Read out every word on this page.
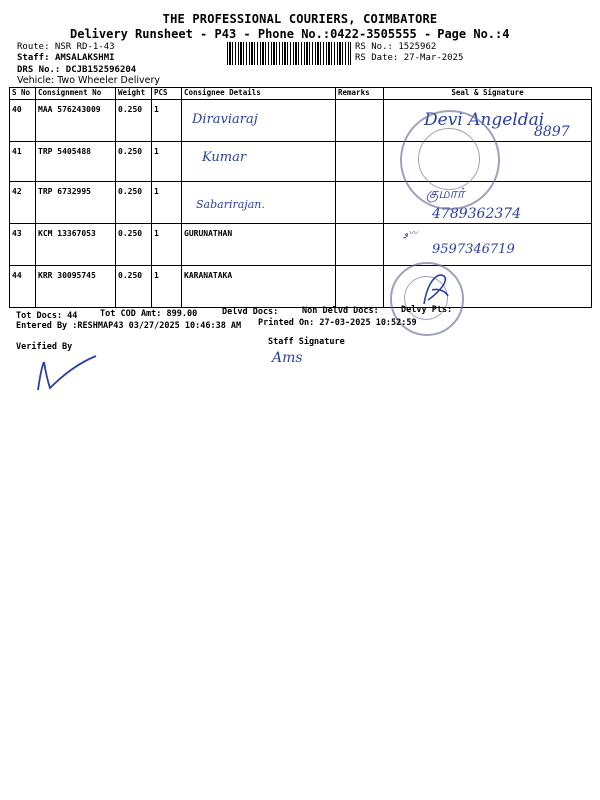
THE PROFESSIONAL COURIERS, COIMBATORE
Delivery Runsheet - P43 - Phone No.:0422-3505555 - Page No.:4
Route: NSR RD-1-43
Staff: AMSALAKSHMI
DRS No.: DCJB152596204
Vehicle: Two Wheeler Delivery
RS No.: 1525962
RS Date: 27-Mar-2025
S No	Consignment No	Weight	PCS	Consignee Details	Remarks	Seal & Signature
40	MAA 576243009	0.250	1	Diraviaraj		Devi Angeldai
8897

41	TRP 5405488	0.250	1	Kumar		

42	TRP 6732995	0.250	1	Sabarirajan.		குமார்
4789362374

43	KCM 13367053	0.250	1	GURUNATHAN		ﻭ〰
9597346719

44	KRR 30095745	0.250	1	KARANATAKA		
Tot Docs: 44	Tot COD Amt: 899.00	Delvd Docs:	Non Delvd Docs:	Delvy Pts:
Entered By :RESHMAP43 03/27/2025 10:46:38 AM Printed On: 27-03-2025 10:52:59
Verified By	Staff Signature
Ams
